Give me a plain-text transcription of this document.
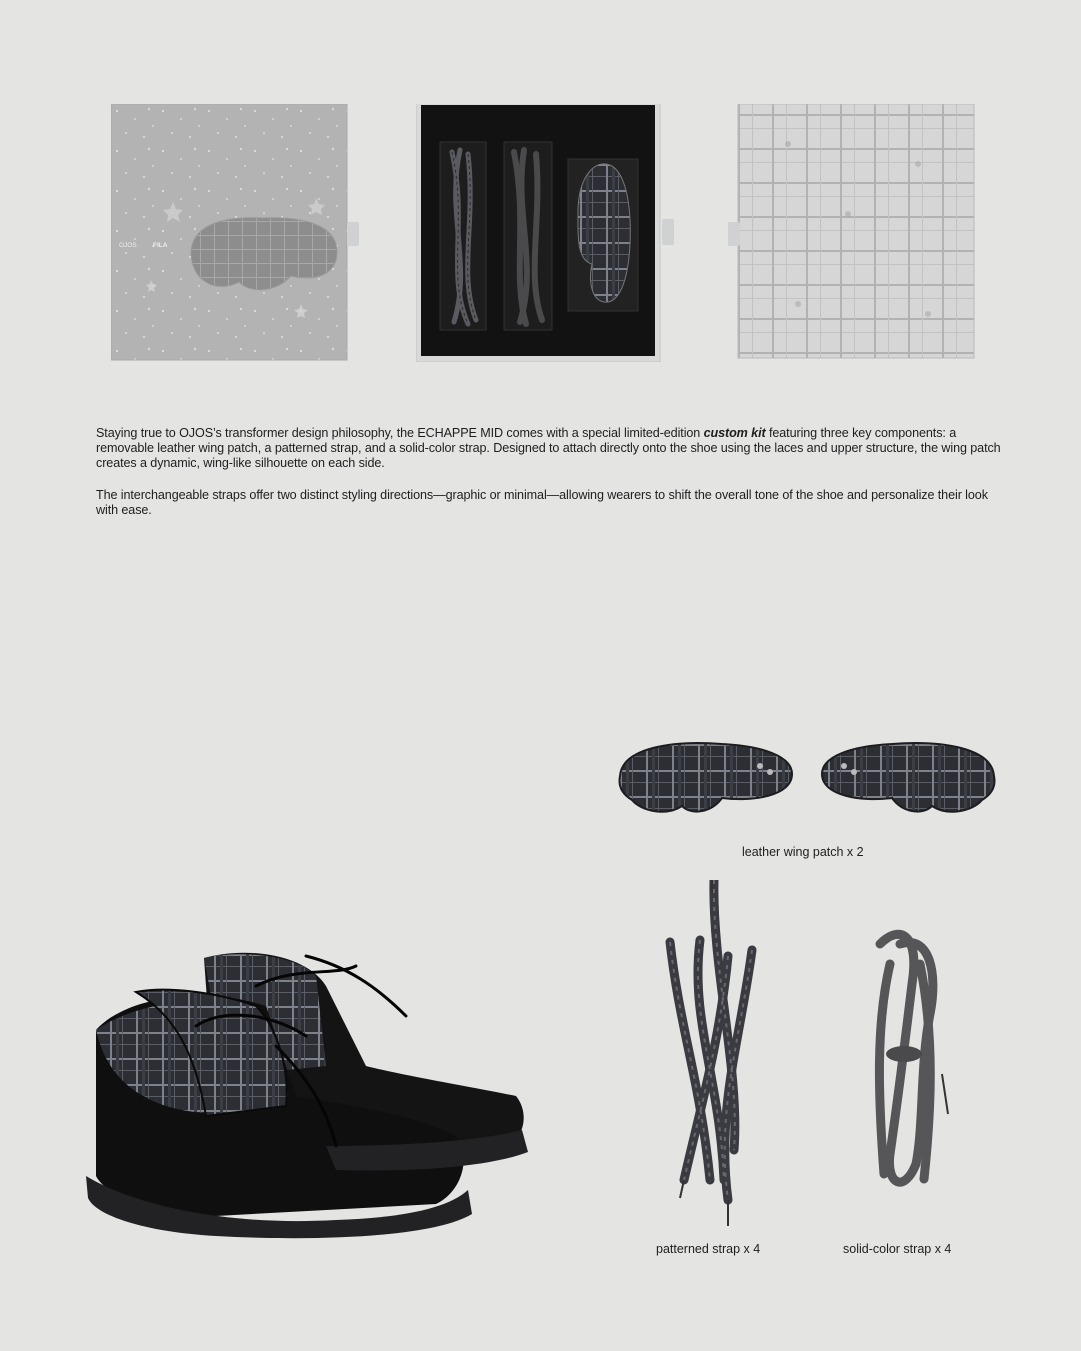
OJOS	FILA

Staying true to OJOS’s transformer design philosophy, the ECHAPPE MID comes with a special limited-edition custom kit featuring three key components: a removable leather wing patch, a patterned strap, and a solid-color strap. Designed to attach directly onto the shoe using the laces and upper structure, the wing patch creates a dynamic, wing-like silhouette on each side.

The interchangeable straps offer two distinct styling directions—graphic or minimal—allowing wearers to shift the overall tone of the shoe and personalize their look with ease.

leather wing patch x 2
patterned strap x 4	solid-color strap x 4
